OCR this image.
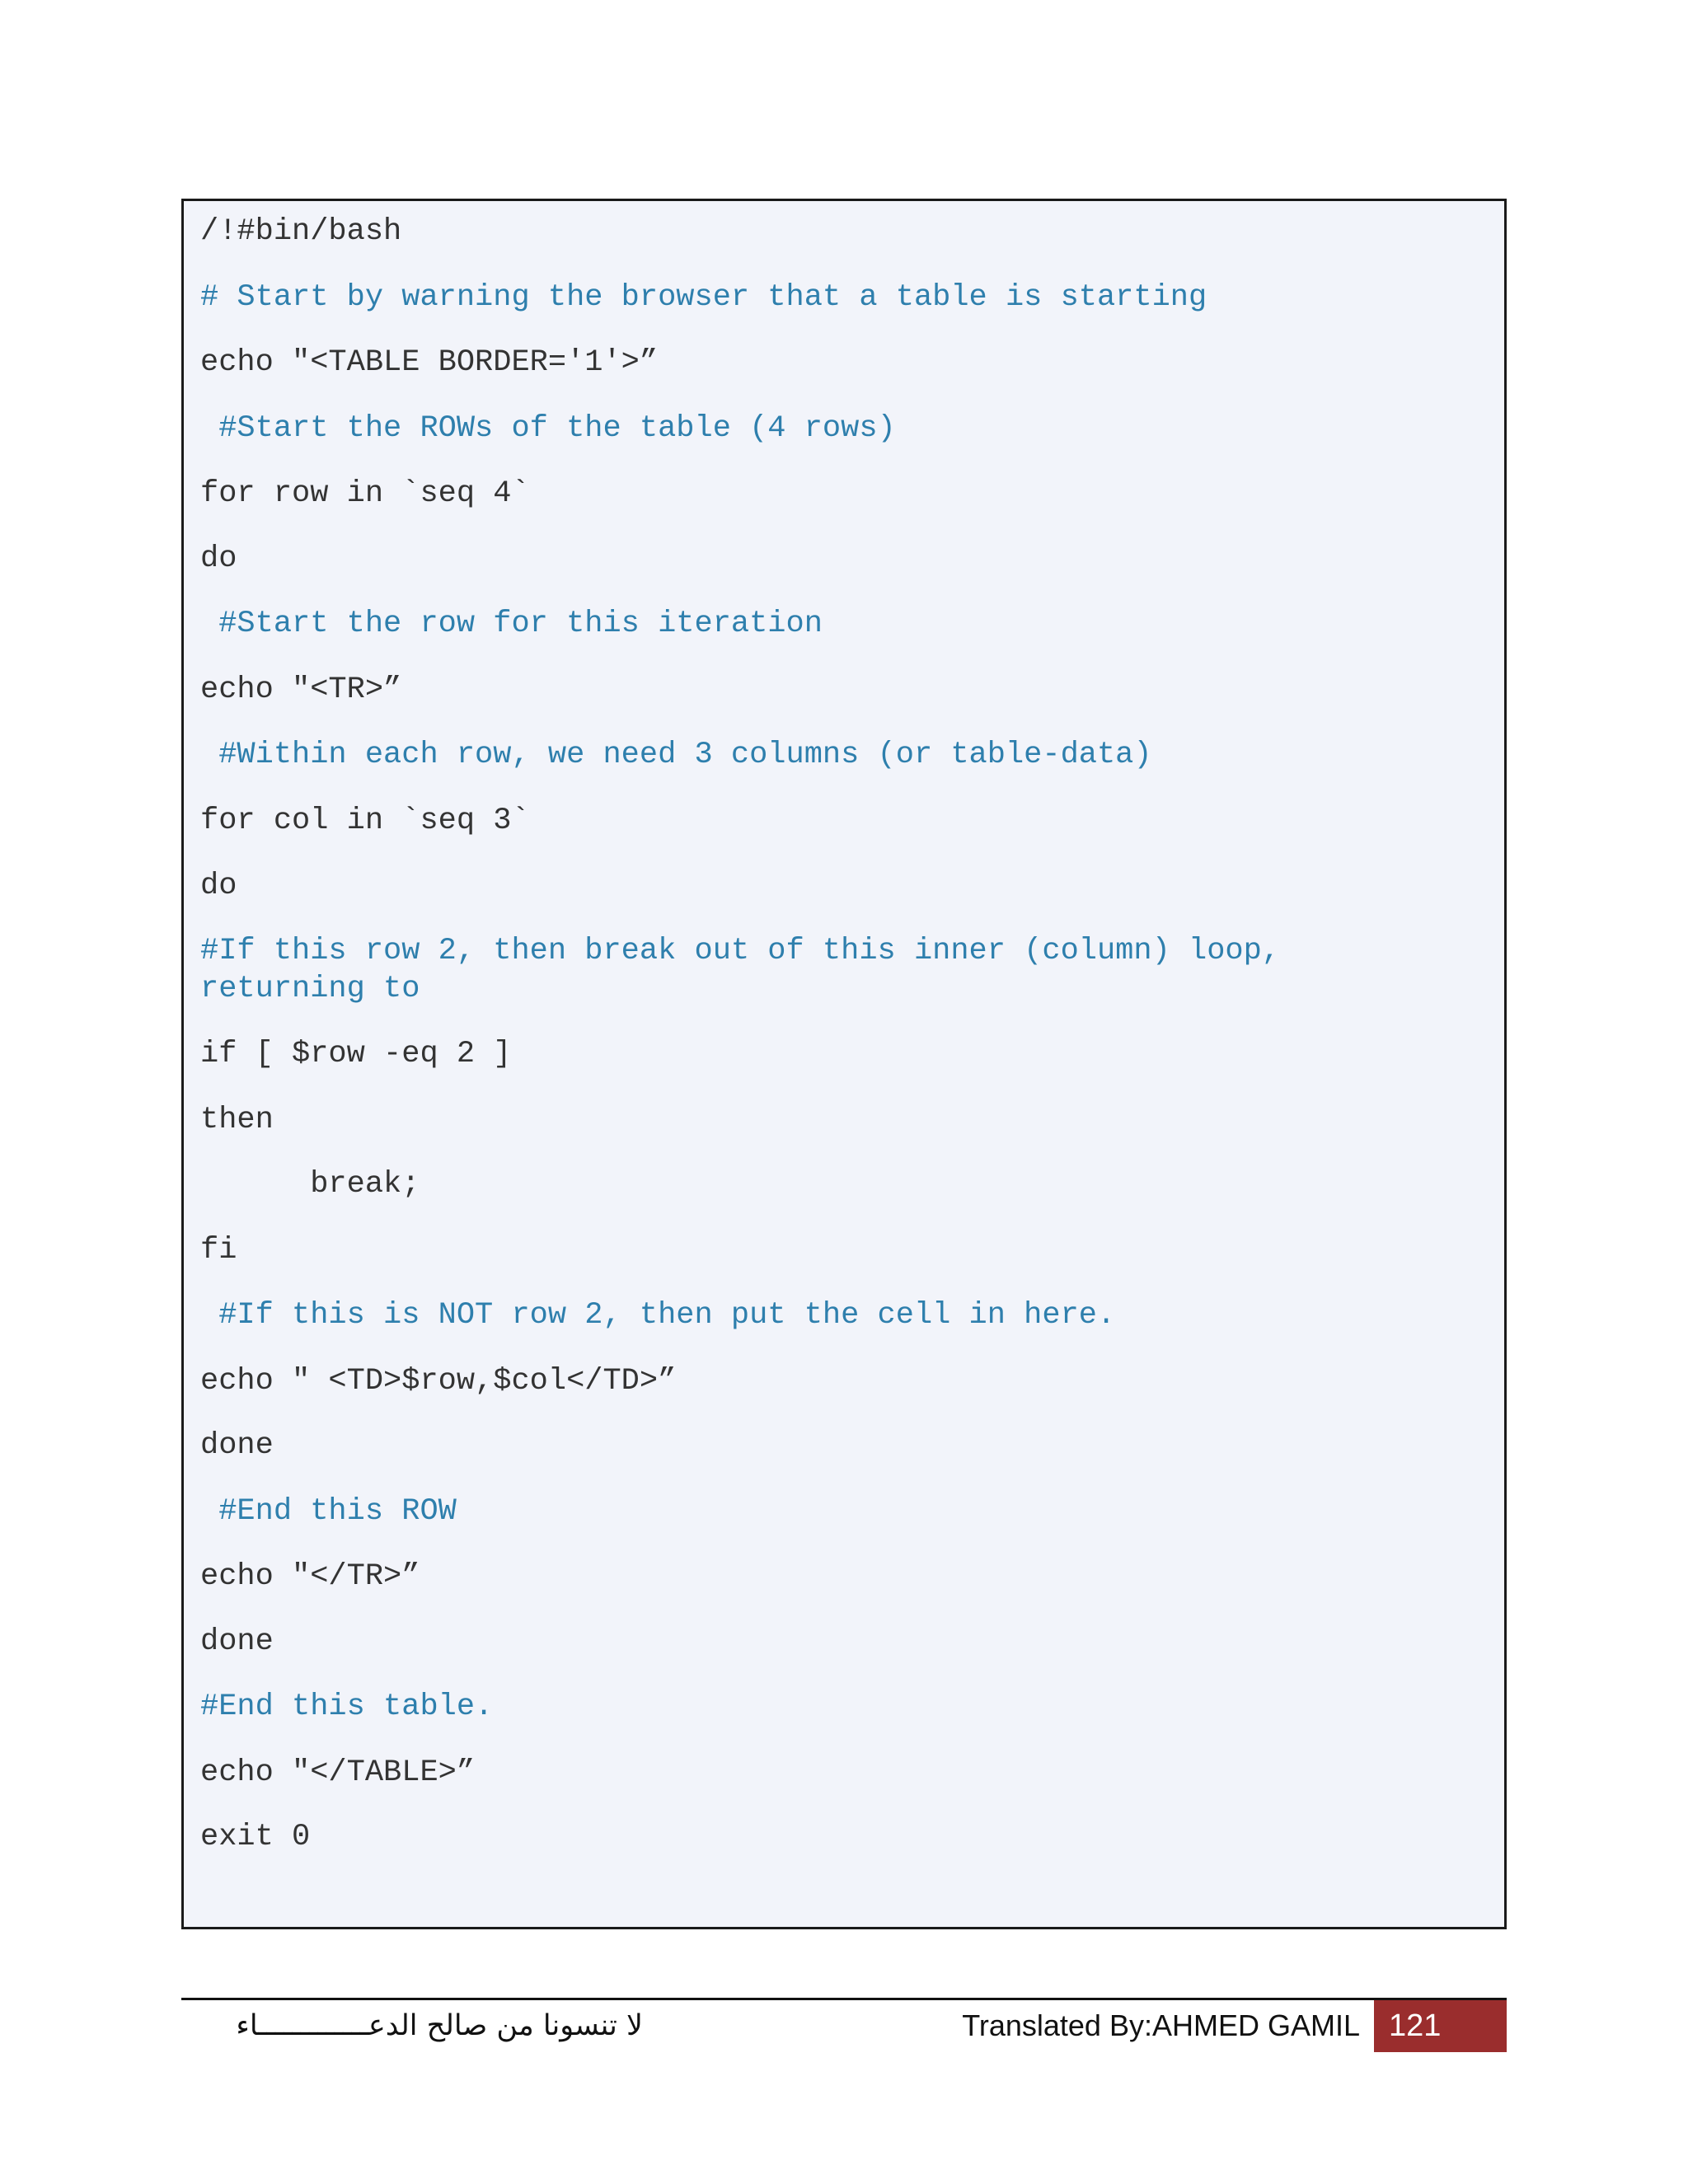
/!#bin/bash
# Start by warning the browser that a table is starting
echo "<TABLE BORDER='1'>”
#Start the ROWs of the table (4 rows)
for row in `seq 4`
do
#Start the row for this iteration
echo "<TR>”
#Within each row, we need 3 columns (or table-data)
for col in `seq 3`
do
#If this row 2, then break out of this inner (column) loop,
returning to
if [ $row -eq 2 ]
then
break;
fi
#If this is NOT row 2, then put the cell in here.
echo " <TD>$row,$col</TD>”
done
#End this ROW
echo "</TR>”
done
#End this table.
echo "</TABLE>”
exit 0
لا تنسونا من صالح الدعـــــــــــــاء	Translated By:AHMED GAMIL 121
